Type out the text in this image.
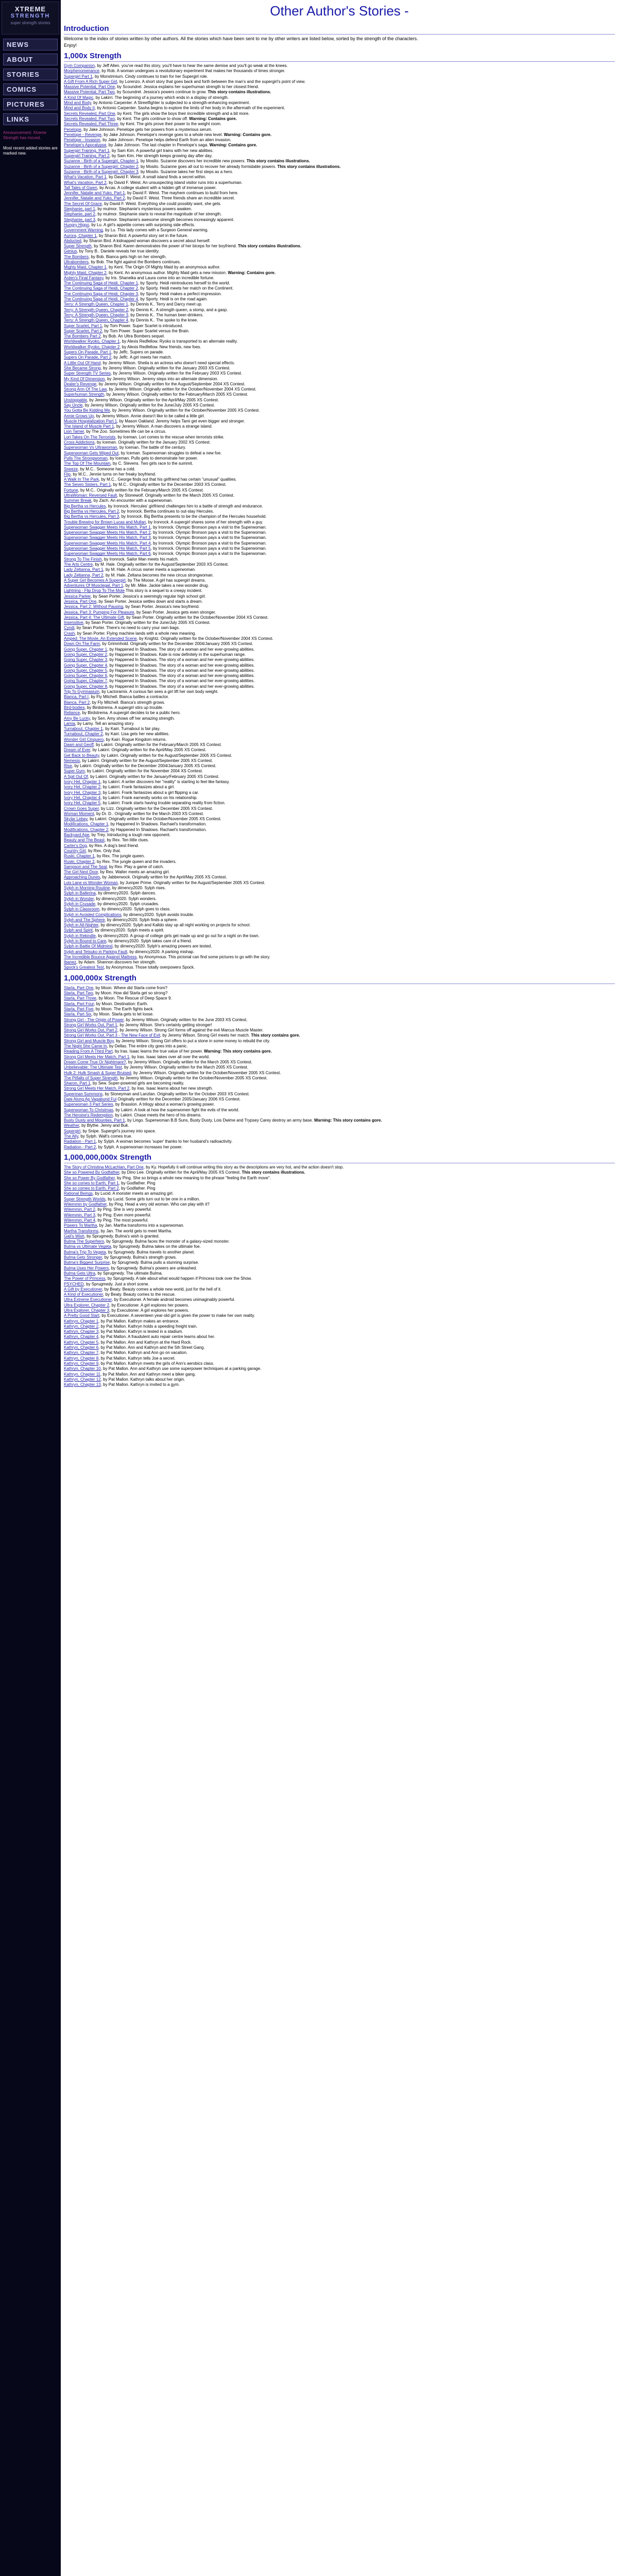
XTREME
STRENGTH
super strength stories
NEWS
ABOUT
STORIES
COMICS
PICTURES
LINKS
Announcement: Xtreme Strength has moved.
Most recent added stories are marked new.
Other Author's Stories -
Introduction

Welcome to the index of stories written by other authors. All the stories which have been sent to me by other writers are listed below, sorted by the strength of the characters.

Enjoy!

1,000x Strength
Gym Companion, by Jeff Allen. you've read this story, you'll have to hear the same demise and you'll go weak at the knees.
Morphenomenance, by Rob. A woman undergoes a revolutionary experiment that makes her thousands of times stronger.
Supergirl Part 1, by Monstrinium. Cindy continues to train for her Supergirl role.
A Gift From A Rich Super Girl, by Lorenzo. A short story that goes back and forth between the man's and the supergirl's point of view.
Massive Potential, Part One, by Scoundrel. Jessica explains her superhuman strength to her closest friend.
Massive Potential, Part Two, by Scoundrel. Jessica's powers continue to grow. This story contains illustrations.
A Kind Of Magic, by Lakirri. The beginning of a journey which ends in a display of strength.
Mind and Body, by Antonio Carpenter. A Streetfighter is subjected to a strength-enhancing experiment.
Mind and Body II, by Antonio Carpenter. Sasha begins to explore the limits of her body in the aftermath of the experiment.
Secrets Revealed, Part One, by Kent. The girls show the boys their incredible strength and a bit more.
Secrets Revealed, Part Two, by Kent. The girls continue to show off. Warning: Contains gore.
Secrets Revealed, Part Three, by Kent. The girls prove their power to the weight room.
Penelope, by Jake Johnson. Penelope gets her powers from a mysterious serum.
Penelope - Revenge, by Jake Johnson. Penelope's revenge goes to a whole new level. Warning: Contains gore.
Penelope - Invasion, by Jake Johnson. Penelope helps defend Earth from an alien invasion.
Penelope's Apocalypse, by Jake Johnson. The last chapter in Penelope's saga. Warning: Contains gore.
Supergirl Training, Part 1, by Sam Kim. A powerful girl trains with her new abilities.
Supergirl Training, Part 2, by Sam Kim. Her strength keeps growing day after day.
Suzanne - Birth of a Supergirl, Chapter 1, by Mosito. Suzanne discovers her incredible new powers. This story contains illustrations.
Suzanne - Birth of a Supergirl, Chapter 2, by Mosito. Suzanne goes all out to recover her already formidable powers. This story contains illustrations.
Suzanne - Birth of a Supergirl, Chapter 3, by Mosito. Suzanne takes her first steps as a hero.
What's Vacation, Part 1, by David F. Weist. A small island finds a secret within.
What's Vacation, Part 2, by David F. Weist. An unsuspecting island visitor runs into a superhuman.
Tall Tales of Gwen, by Arcas. A college student with a hidden gift of immense power.
Jennifer, Natalie and Yuko, Part 1, by David F. Weist. The mayhem continues to build from here.
Jennifer, Natalie and Yuko, Part 2, by David F. Weist. Three friends share an incredible secret.
The Secret Of Grace, by David F. Weist. Everything she could possibly want, she gets.
Stephanie, part 1, by mulmor. Stephanie's mysterious powers awaken.
Stephanie, part 2, by mulmor. Stephanie starts to reveal the magnitude of her strength.
Stephanie, part 3, by mulmor. Stephanie's awesome strength becomes increasingly apparent.
Hungry Hippo, by Lu. A girl's appetite comes with surprising side effects.
Government Warning, by Lu. This lady comes with a Surgeon General warning.
Aurora, Chapter 1, by Sharon Bird. A powerful story set in the future.
Abducted, by Sharon Bird. A kidnapped woman discovers a secret about herself.
Super Strength, by Sharon Bird. Karen demonstrates the power of her biceps for her boyfriend. This story contains illustrations.
Genius, by Tony B.. Daniele reveals her true identity.
The Bombers, by Bob. Bianca gets high on her strength.
Ultrabombers, by Bob. The fight against the Bombers continues.
Mighty Maid, Chapter 1, by Kent. The Origin Of Mighty Maid by an anonymous author.
Mighty Maid, Chapter 2, by Kent. An anonymous author. Mighty Maid gets a new mission. Warning: Contains gore.
Arden's Final Fantasy, by Iris. Shaneika and Laura come into an incredible fortune.
The Continuing Saga of Heidi, Chapter 1, by Sporty. Heidi reintroduces herself to the world.
The Continuing Saga of Heidi, Chapter 2, by Sporty. Heidi meets her match on the Continent.
The Continuing Saga of Heidi, Chapter 3, by Sporty. Heidi makes a perfect impression.
The Continuing Saga of Heidi, Chapter 4, by Sporty. Heidi is on the road again.
Terry: A Strength Queen, Chapter 1, by Dennis K.. Terry and Darcy meet up.
Terry: A Strength Queen, Chapter 2, by Dennis K.. A strength queen, a stomp, and a gasp.
Terry: A Strength Queen, Chapter 3, by Dennis K.. The human beer-drinkers.
Terry: A Strength Queen, Chapter 4, by Dennis K.. The spoke to the knee.
Super Scarlet, Part 1, by Tom Power. Super Scarlet is introduced.
Super Scarlet, Part 2, by Tom Power. Super Scarlet versus the Brain.
The Bombers Part 2, by Bob. An Ultra Bombers sequel.
Worldwalker Ryoko, Chapter 1, by Alexis Redfellow. Ryoko is transported to an alternate reality.
Worldwalker Ryoko, Chapter 2, by Alexis Redfellow. New friends, new foes.
Supers On Parade, Part 1, by Jeffc. Supers on parade.
Supers On Parade, Part 2, by Jeffc. A girl meets her match.
A Little Out Of Hand, by Jeremy Wilson. Sheila is an actress who doesn't need special effects.
She Became Strong, by Jeremy Wilson. Originally written for the January 2003 XS Contest.
Super Strength TV Series, by Jeremy Wilson. Originally written for the February 2003 XS Contest.
My Kind Of Dimension, by Jeremy Wilson. Jeremy steps into an alternate dimension.
Dealer's Revenge, by Jeremy Wilson. Originally written for the August/September 2004 XS Contest.
Strong Arm Of The Law, by Jeremy Wilson. Originally written for the October/November 2004 XS Contest.
Superhuman Strength, by Jeremy Wilson. Originally written for the February/March 2005 XS Contest.
Unstoppable, by Jeremy Wilson. Originally written for the April/May 2005 XS Contest.
Say Uncle, by Jeremy Wilson. Originally written for the June/July 2005 XS Contest.
You Gotta Be Kidding Me, by Jeremy Wilson. Originally written for the October/November 2005 XS Contest.
Annie Grows Up, by Jeremy Wilson. Annie doesn't like to be called a little girl.
Muscle Hospitalization Part 1, by Mason Oakland. Jeremy helps Tami get even bigger and stronger.
The Island of Muscle Part 1, by Jeremy Wilson. A man discovers a strange island.
Lion Tamer, by The Zoo. Sometimes life can be a circus.
Lori Takes On The Terrorists, by Iceman. Lori comes to the rescue when terrorists strike.
Cross Addictions, by Iceman. Originally written for the January 2002 XS Contest.
Superwoman Vs Ultrawoman, by Iceman. The battle of the century.
Superwoman Gets Wiped Out, by Iceman. Superwoman struggles to defeat a new foe.
Pulls The Strongwoman, by Iceman. Pulls gets to demonstrate her power.
The Top Of The Mountain, by C. Stevens. Two girls race to the summit.
Sneeze, by M.C.. Someone has a cold.
Flip, by M.C.. Jennie turns on her freaky boyfriend.
A Walk In The Park, by M.C.. George finds out that his girlfriend has certain "unusual" qualities.
The Seven Sisters, Part 1, by M.C.. Originally written for the December 2003 XS Contest.
Fortune, by M.C.. Originally written for the February/March 2005 XS Contest.
UltraWoman: Reversed Fault, by Stonewolf. Originally written for the March 2005 XS Contest.
Summer Break, by Zach. An encounter with a superwoman.
Big Bertha vs Hercules, by Ironrock. Hercules' girlfriend challenges him to a battle of strength and endurance.
Big Bertha vs Hercules, Part 2, by Ironrock. Bertha continues to out-stay Hercules.
Big Bertha vs Hercules, Part 3, by Ironrock. Big Bertha presents to be the champion of the Hercules household.
Trouble Brewing for Brown Lucas and Mullan, by Ironrock. A supergirl shares some of her strength with a guy.
Superwoman Swagger Meets His Match, Part 1, by Ironrock. Olympic Bronson pays a visit to the Superwoman.
Superwoman Swagger Meets His Match, Part 2, by Ironrock. Olympic Bronson pays a visit to the Superwoman.
Superwoman Swagger Meets His Match, Part 3, by Ironrock. Olympic Bronson pays a visit to the Superwoman.
Superwoman Swagger Meets His Match, Part 4, by Ironrock. Olympic Bronson pays a visit to the Superwoman.
Superwoman Swagger Meets His Match, Part 5, by Ironrock. Olympic Bronson pays a visit to the Superwoman.
Superwoman Swagger Meets His Match, Part 6, by Ironrock. Olympic Bronson pays a visit to the Superwoman.
Strong To The Finish, by Ironrock. Sailor Man meets his match.
The Arts Centre, by M. Hale. Originally written for the August/September 2003 XS Contest.
Lady Zeltanna, Part 1, by M. Hale. A circus owner meets a superwoman.
Lady Zeltanna, Part 2, by M. Hale. Zeltana becomes the new circus strongwoman.
A Super Girl Becomes A Supergirl, by The Moose. A girl has supergirl dreams.
Adventures Of Musclegal, Part 1, by Mr. Mike. Jackie takes a new wonder drug.
Lightning - Flip Drop To The Mole This story is a sequel to a creepy incident.
Jessica Parker, by Sean Porter. Jessica's a seemingly regular high school girl.
Jessica, Part One, by Sean Porter. Jessica settles down and starts a dream.
Jessica, Part 2: Without Pausing, by Sean Porter. Jessica's new boyfriend.
Jessica, Part 3: Pumping For Pleasure, by Sean Porter. Jessica gets even stronger.
Jessica, Part 4: The Ultimate Gift, by Sean Porter. Originally written for the October/November 2004 XS Contest.
Insensitive, by Sean Porter. Originally written for the June/July 2005 XS Contest.
Cyndi, by Sean Porter. There's no need to carry your own bags.
Crash, by Sean Porter. Flying machine lands with a whole new meaning.
Amped: The Movie, An Extended Scene, by Knightz. Originally written for the October/November 2004 XS Contest.
Down On The Farm, by Grimmhold. Originally written for the December 2004/January 2005 XS Contest.
Going Super, Chapter 1, by Happened In Shadows. The story of a woman and her ever-growing abilities.
Going Super, Chapter 2, by Happened In Shadows. Kate is now definitely in the superhuman range.
Going Super, Chapter 3, by Happened In Shadows. The story of a woman and her ever-growing abilities.
Going Super, Chapter 4, by Happened In Shadows. The story of a woman and her ever-growing abilities.
Going Super, Chapter 5, by Happened In Shadows. The story of a woman and her ever-growing abilities.
Going Super, Chapter 6, by Happened In Shadows. The story of a woman and her ever-growing abilities.
Going Super, Chapter 7, by Happened In Shadows. The story of a woman and her ever-growing abilities.
Going Super, Chapter 8, by Happened In Shadows. The story of a woman and her ever-growing abilities.
Trip To Gymnasium, by Lactoramix. A curious fan sees a girl lift her own body weight.
Bianca, Part I, by Fly Mitchell. Bianca battles a contractor.
Bianca, Part 2, by Fly Mitchell. Bianca's strength grows.
Bird-bodies, by Birdstrema. A supergirl stirs up trouble.
Reliance, by Birdstrema. A supergirl decides to be a public hero.
Amy Be Lucky, by Sen. Amy shows off her amazing strength.
Lamia, by Lamy. Tell an amazing story.
Turnabout, Chapter 1, by Kairi. Turnabout is fair play.
Turnabout, Chapter 2, by Kairi. Lisa gets her new abilities.
Wonder Girl Cinquero, by Kairi. Rogue Kingdom returns.
Dawn and Geoff, by Lakirri. Originally written for the February/March 2005 XS Contest.
Dream of Ever, by Lakirri. Originally written for the April/May 2005 XS Contest.
Get Back to Beauty, by Lakirri. Originally written for the August/September 2005 XS Contest.
Nemesis, by Lakirri. Originally written for the August/September 2005 XS Contest.
Rise, by Lakirri. Originally written for the December 2004/January 2005 XS Contest.
Super Gym, by Lakirri. Originally written for the November 2004 XS Contest.
A Spit Out Of, by Lakirri. Originally written for the January/February 2005 XS Contest.
Ivory Hel, Chapter 1, by Lakirri. A writer discovers her "reality" is starting to feel like fantasy.
Ivory Hel, Chapter 2, by Lakirri. Frank fantasizes about a girl.
Ivory Hel, Chapter 3, by Lakirri. Frank fantasizes about a girl flipping a car.
Ivory Hel, Chapter 4, by Lakirri. Frank earnestly works on his relationship.
Ivory Hel, Chapter 5, by Lakirri. Frank starts having trouble separating reality from fiction.
Crown Goes Super, by Lizz. Originally written for the December 2005 XS Contest.
Woman Moment, by Dr. D.. Originally written for the March 2003 XS Contest.
Skylar Lebay, by Lakirri. Originally written for the October/November 2005 XS Contest.
Modifications, Chapter 1, by Happened In Shadows. Rachael's transformation.
Modifications, Chapter 2, by Happened In Shadows. Rachael's transformation.
Backyard Ape, by Trey. Introducing a tough new opponent.
Beauty and The Beast, by Rex. Ten little clues.
Carter's Dog, by Rex. A dog's best friend.
Country Girl, by Rex. Only that.
Ruski, Chapter 1, by Rex. The jungle queen.
Ruski, Chapter 2, by Rex. The jungle queen and the invaders.
Sampson and The Seal, by Rex. Play a game of catch.
The Girl Next Door, by Rex. Walter meets an amazing girl.
Approaching Dunes, by Jabberwock. Originally written for the April/May 2005 XS Contest.
Lois Lane vs Wonder Woman, by Jumper Prime. Originally written for the August/September 2005 XS Contest.
Sylph in Morning Routine, by dimency2020. Sylph rises.
Sylph in Ballerina, by dimency2020. Sylph dances.
Sylph in Wonder, by dimency2020. Sylph wonders.
Sylph in Crusade, by dimency2020. Sylph crusades.
Sylph in Classroom, by dimency2020. Sylph goes to class.
Sylph in Avoided Complications, by dimency2020. Sylph avoids trouble.
Sylph and The Sphere, by dimency2020. Sylph finds a sphere.
Sylph in All-Nighter, by dimency2020. Sylph and Kalldo stay up all night working on projects for school.
Sylph and Spirit, by dimency2020. Sylph meets a spirit.
Sylph in Rekindle, by dimency2020. A group of college girls get made up and go out for a night on the town.
Sylph in Bound to Care, by dimency2020. Sylph takes care of a friend.
Sylph in Battle Of Midmind, by dimency2020. Sylph's amazing powers are tested.
Sylph and Tetsuko in Parking Fault, by dimency2020. A parking mishap.
The Incredible Bounce Against Mattress, by Anonymous. This pictorial can find some pictures to go with the story.
Ibanez, by Adam. Shannon discovers her strength.
Spock's Greatest Test, by Anonymous. Those totally overpowers Spock.
1,000,000x Strength
Starla, Part One, by Moon. Where did Starla come from?
Starla, Part Two, by Moon. How did Starla get so strong?
Starla, Part Three, by Moon. The Rescue of Deep Space 9.
Starla, Part Four, by Moon. Destination: Earth.
Starla, Part Five, by Moon. The Earth fights back.
Starla, Part Six, by Moon. Starla gets to let loose.
Strong Girl - The Origin of Power, by Jeremy Wilson. Originally written for the June 2003 XS Contest.
Strong Girl Works Out, Part 1, by Jeremy Wilson. She's certainly getting stronger!
Strong Girl Works Out, Part 2, by Jeremy Wilson. Strong Girl forms off against the evil Marcus Muscle Master.
Strong Girl Works Out, Part 3 - The New Face of Evil, by Jeremy Wilson. Strong Girl meets her match. This story contains gore.
Strong Girl and Muscle Boy, by Jeremy Wilson. Strong Girl offers to put a stone in some money to rebuild the city.
The Night She Came In, by Dellas. The entire city goes into a panic.
Reading From A Third Part, by Iras. Isaac learns the true value of her power. Warning: This story contains gore.
Strong Girl Meets Her Match, Part 1, by Iras. Isaac takes over all over the world.
Dream Come True Or Nightmare?, by Jeremy Wilson. Originally written for the March 2005 XS Contest.
Unbelievable: The Ultimate Test, by Jeremy Wilson. Originally written for the March 2005 XS Contest.
Hulk 2: Hulk Smash & Super Bruised, by Jeremy Wilson. Originally written for the October/November 2005 XS Contest.
The Pitfalls of Super Strength, by Jeremy Wilson. Originally written for the October/November 2005 XS Contest.
Sharon, Part 1, by Sew. Super-powered girls are becoming reality.
Strong Girl Meets Her Match, Part 2, by Iras. Isaac learns about her new strength.
Superman Summons, by Stoneyman and Lanzlan. Originally written for the October 2003 XS Contest.
Date Along Ap Vagabund Ful Originally written for the December 2005/January 2006 XS Contest.
Superwoman 3 Part Series, by Brasslon. A trilogy about a woman's growing power.
Superwoman To Christmas, by Lakirri. A look at how the superwomen fight the evils of the world.
The Heroine's Redemption, by Lakirri. Chase meets the hero of his dreams.
Busty Dusty and Mounties, Part 1, by Lingo. Superwoman B.B Suns, Busty Dusty, Lois Dwime and Trypsey Carey destroy an army base. Warning: This story contains gore.
Weather, by Blythe. Jenny and Buk.
Supergirl, by Snipe. Supergirl's journey into space.
The Ally, by Sylph. Walt's comes true.
Radiation - Part 1, by Sylph. A woman becomes 'super' thanks to her husband's radioactivity.
Radiation - Part 2, by Sylph. A superwoman increases her power.
1,000,000,000x Strength
The Story of Christina McLachlan, Part One, by Ky. Hopefully it will continue writing this story as the descriptions are very hot, and the action doesn't stop.
She so Powered By Godfather, by Dino Lee. Originally written for the April/May 2005 XS Contest. This story contains illustrations.
She so Power By Godfather, by Ping. She so brings a whole new meaning to the phrase "feeling the Earth move".
She so comes to Earth, Part 1, by Godfather. Ping
She so comes to Earth, Part 2, by Godfather. Ping
Rational Beings, by Lucid. A monster meets an amazing girl.
Super Strength Worlds, by Lucid. Some girls turn out to be one in a million.
Wilemmin by Godfather, by Ping. Head a very old woman. Who can play with it?
Wilemmin, Part 2, by Ping. She is very powerful.
Wilemmin, Part 3, by Ping. Even more powerful.
Wilemmin, Part 4, by Ping. The most powerful.
Powers To Martha, by Jan. Martha transforms into a superwoman.
Martha Transforms, by Jan. The world gets to meet Martha.
Gail's Wish, by Sprugmedy. Bulma's wish is granted.
Bulma The Superhero, by Sprugmedy. Bulma faces the monster of a galaxy-sized monster.
Bulma vs Ultimate Vegeta, by Sprugmedy. Bulma takes on the ultimate foe.
Bulma's Trip To Vegeta, by Sprugmedy. Bulma travels to another planet.
Bulma Gets Stronger, by Sprugmedy. Bulma's strength grows.
Bulma's Biggest Surprise, by Sprugmedy. Bulma pulls a stunning surprise.
Bulma Uses Her Powers, by Sprugmedy. Bulma's powers are unleashed.
Bulma Gets Ultra, by Sprugmedy. The ultimate Bulma.
The Power of Princess, by Sprugmedy. A tale about what would happen if Princess took over the Show.
PSYCHED, by Sprugmedy. Just a short scene.
A Gift by Executioner, by Beaty. Beauty comes a whole new world, just for the hell of it.
A Kind of Executioner, by Beaty. Beauty comes to the rescue.
Ultra Extreme Executioner, by Executioner. A female android becomes unimaginably powerful.
Ultra Explorer, Chapter 2, by Executioner. A girl explores her powers.
Ultra Explorer, Chapter 3, by Executioner. A girl explores her powers.
A Pretty Good Start, by Executioner. A seventeen year-old girl is given the power to make her own reality.
Kathryn, Chapter 1, by Pat Mallon. Kathryn makes an entrance.
Kathryn, Chapter 2, by Pat Mallon. Kathryn holds a speeding freight train.
Kathryn, Chapter 3, by Pat Mallon. Kathryn is tested in a stadium.
Kathryn, Chapter 4, by Pat Mallon. A fraudulent auto repair centre learns about her.
Kathryn, Chapter 5, by Pat Mallon. Ann and Kathryn at the Hard Rock.
Kathryn, Chapter 6, by Pat Mallon. Ann and Kathryn and the 5th Street Gang.
Kathryn, Chapter 7, by Pat Mallon. Kathryn and Ann go on vacation.
Kathryn, Chapter 8, by Pat Mallon. Kathryn tells Joe a secret.
Kathryn, Chapter 9, by Pat Mallon. Kathryn meets the girls of Ann's aerobics class.
Kathryn, Chapter 10, by Pat Mallon. Ann and Kathryn use some superpower techniques at a parking garage.
Kathryn, Chapter 11, by Pat Mallon. Ann and Kathryn meet a biker gang.
Kathryn, Chapter 12, by Pat Mallon. Kathryn talks about her origin.
Kathryn, Chapter 13, by Pat Mallon. Kathryn is invited to a gym.
